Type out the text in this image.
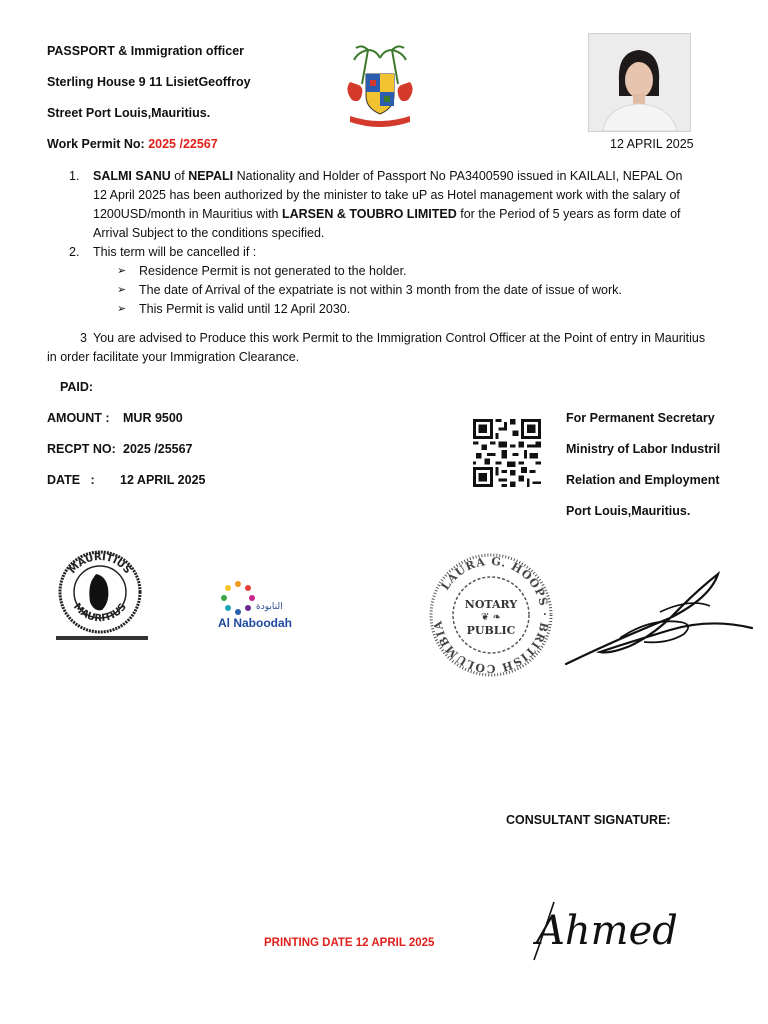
PASSPORT & Immigration officer
Sterling House 9 11 LisietGeoffroy
Street Port Louis,Mauritius.
Work Permit No: 2025 /22567	12 APRIL 2025
1. SALMI SANU of NEPALI Nationality and Holder of Passport No PA3400590 issued in KAILALI, NEPAL On 12 April 2025 has been authorized by the minister to take uP as Hotel management work with the salary of 1200USD/month in Mauritius with LARSEN & TOUBRO LIMITED for the Period of 5 years as form date of Arrival Subject to the conditions specified.
2. This term will be cancelled if :
➢ Residence Permit is not generated to the holder.
➢ The date of Arrival of the expatriate is not within 3 month from the date of issue of work.
➢ This Permit is valid until 12 April 2030.
3 You are advised to Produce this work Permit to the Immigration Control Officer at the Point of entry in Mauritius in order facilitate your Immigration Clearance.
PAID:
AMOUNT : MUR 9500
RECPT NO: 2025 /25567
DATE   : 12 APRIL 2025
For Permanent Secretary
Ministry of Labor Industril
Relation and Employment
Port Louis,Mauritius.
MAURITIUS
MAURITIUS	النابودة
Al Naboodah
LAURA G. HOOPS · BRITISH COLUMBIA
NOTARY
❦ ❧
PUBLIC
CONSULTANT SIGNATURE:
Ahmed
PRINTING DATE 12 APRIL 2025
